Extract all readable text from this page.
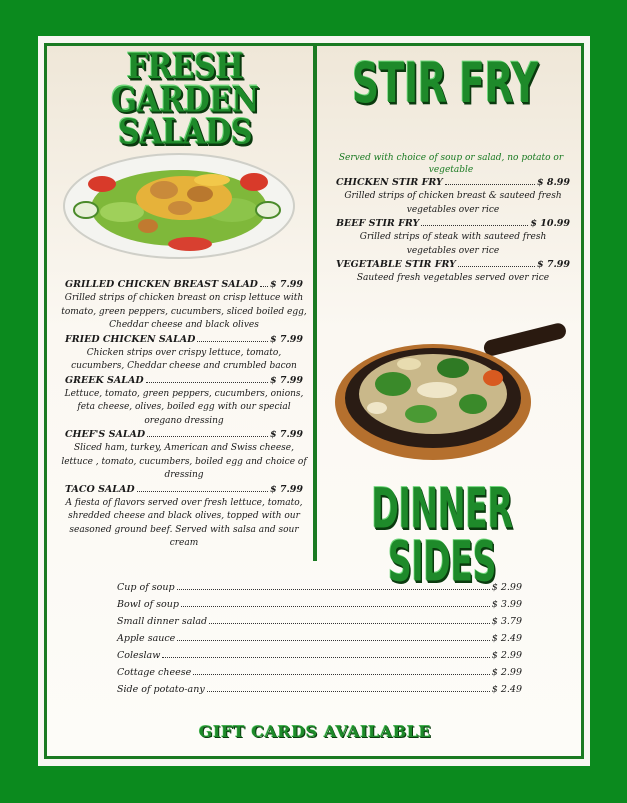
FRESH GARDEN SALADS
STIR FRY
DINNER SIDES
GRILLED CHICKEN BREAST SALAD $ 7.99
Grilled strips of chicken breast on crisp lettuce with tomato, green peppers, cucumbers, sliced boiled egg, Cheddar cheese and black olives
FRIED CHICKEN SALAD	$ 7.99
Chicken strips over crispy lettuce, tomato, cucumbers, Cheddar cheese and crumbled bacon
GREEK SALAD	$ 7.99
Lettuce, tomato, green peppers, cucumbers, onions, feta cheese, olives, boiled egg with our special oregano dressing
CHEF'S SALAD	$ 7.99
Sliced ham, turkey, American and Swiss cheese, lettuce , tomato, cucumbers, boiled egg and choice of dressing
TACO SALAD	$ 7.99
A fiesta of flavors served over fresh lettuce, tomato, shredded cheese and black olives, topped with our seasoned ground beef. Served with salsa and sour cream
Served with choice of soup or salad, no potato or vegetable
CHICKEN STIR FRY	$ 8.99
Grilled strips of chicken breast & sauteed fresh vegetables over rice
BEEF STIR FRY	$ 10.99
Grilled strips of steak with sauteed fresh vegetables over rice
VEGETABLE STIR FRY	$ 7.99
Sauteed fresh vegetables served over rice
Cup of soup	$ 2.99
Bowl of soup	$ 3.99
Small dinner salad	$ 3.79
Apple sauce	$ 2.49
Coleslaw	$ 2.99
Cottage cheese	$ 2.99
Side of potato-any	$ 2.49
GIFT CARDS AVAILABLE
